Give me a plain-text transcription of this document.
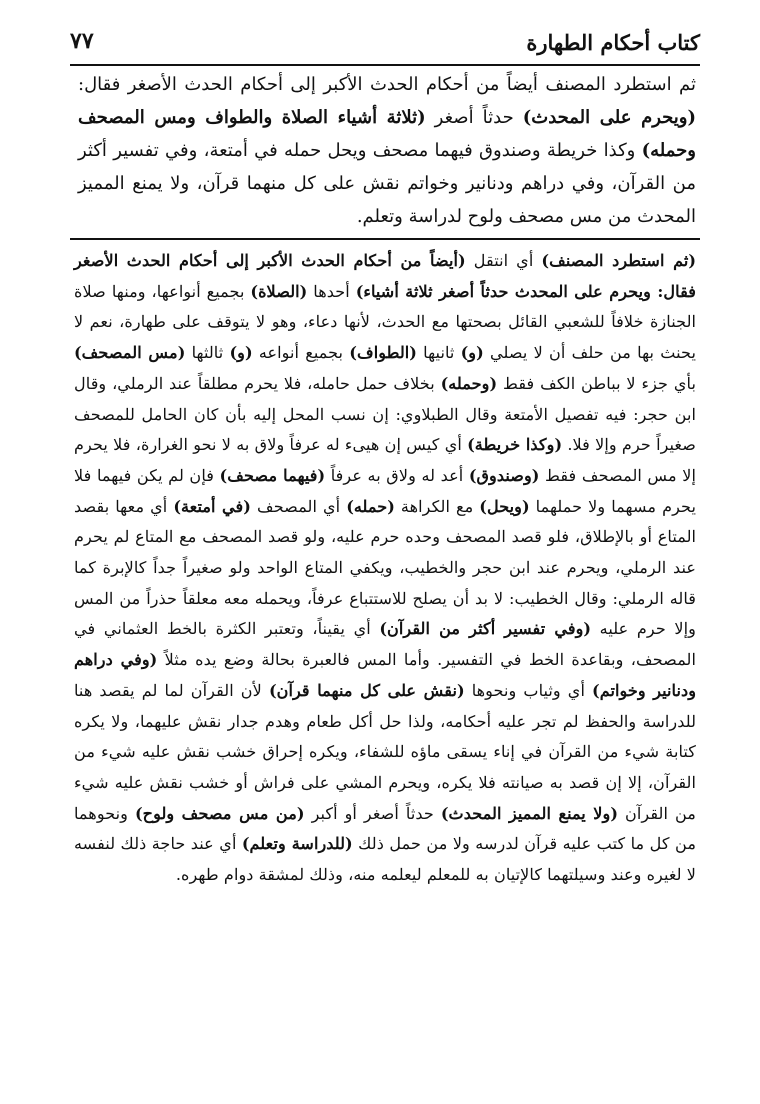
كتاب أحكام الطهارة
٧٧

ثم استطرد المصنف أيضاً من أحكام الحدث الأكبر إلى أحكام الحدث الأصغر فقال: (ويحرم على المحدث) حدثاً أصغر (ثلاثة أشياء الصلاة والطواف ومس المصحف وحمله) وكذا خريطة وصندوق فيهما مصحف ويحل حمله في أمتعة، وفي تفسير أكثر من القرآن، وفي دراهم ودنانير وخواتم نقش على كل منهما قرآن، ولا يمنع المميز المحدث من مس مصحف ولوح لدراسة وتعلم.

(ثم استطرد المصنف) أي انتقل (أيضاً من أحكام الحدث الأكبر إلى أحكام الحدث الأصغر فقال: ويحرم على المحدث حدثاً أصغر ثلاثة أشياء) أحدها (الصلاة) بجميع أنواعها، ومنها صلاة الجنازة خلافاً للشعبي القائل بصحتها مع الحدث، لأنها دعاء، وهو لا يتوقف على طهارة، نعم لا يحنث بها من حلف أن لا يصلي (و) ثانيها (الطواف) بجميع أنواعه (و) ثالثها (مس المصحف) بأي جزء لا بباطن الكف فقط (وحمله) بخلاف حمل حامله، فلا يحرم مطلقاً عند الرملي، وقال ابن حجر: فيه تفصيل الأمتعة وقال الطبلاوي: إن نسب المحل إليه بأن كان الحامل للمصحف صغيراً حرم وإلا فلا. (وكذا خريطة) أي كيس إن هيىء له عرفاً ولاق به لا نحو الغرارة، فلا يحرم إلا مس المصحف فقط (وصندوق) أعد له ولاق به عرفاً (فيهما مصحف) فإن لم يكن فيهما فلا يحرم مسهما ولا حملهما (ويحل) مع الكراهة (حمله) أي المصحف (في أمتعة) أي معها بقصد المتاع أو بالإطلاق، فلو قصد المصحف وحده حرم عليه، ولو قصد المصحف مع المتاع لم يحرم عند الرملي، ويحرم عند ابن حجر والخطيب، ويكفي المتاع الواحد ولو صغيراً جداً كالإبرة كما قاله الرملي: وقال الخطيب: لا بد أن يصلح للاستتباع عرفاً، ويحمله معه معلقاً حذراً من المس وإلا حرم عليه (وفي تفسير أكثر من القرآن) أي يقيناً، وتعتبر الكثرة بالخط العثماني في المصحف، وبقاعدة الخط في التفسير. وأما المس فالعبرة بحالة وضع يده مثلاً (وفي دراهم ودنانير وخواتم) أي وثياب ونحوها (نقش على كل منهما قرآن) لأن القرآن لما لم يقصد هنا للدراسة والحفظ لم تجر عليه أحكامه، ولذا حل أكل طعام وهدم جدار نقش عليهما، ولا يكره كتابة شيء من القرآن في إناء يسقى ماؤه للشفاء، ويكره إحراق خشب نقش عليه شيء من القرآن، إلا إن قصد به صيانته فلا يكره، ويحرم المشي على فراش أو خشب نقش عليه شيء من القرآن (ولا يمنع المميز المحدث) حدثاً أصغر أو أكبر (من مس مصحف ولوح) ونحوهما من كل ما كتب عليه قرآن لدرسه ولا من حمل ذلك (للدراسة وتعلم) أي عند حاجة ذلك لنفسه لا لغيره وعند وسيلتهما كالإتيان به للمعلم ليعلمه منه، وذلك لمشقة دوام طهره.
